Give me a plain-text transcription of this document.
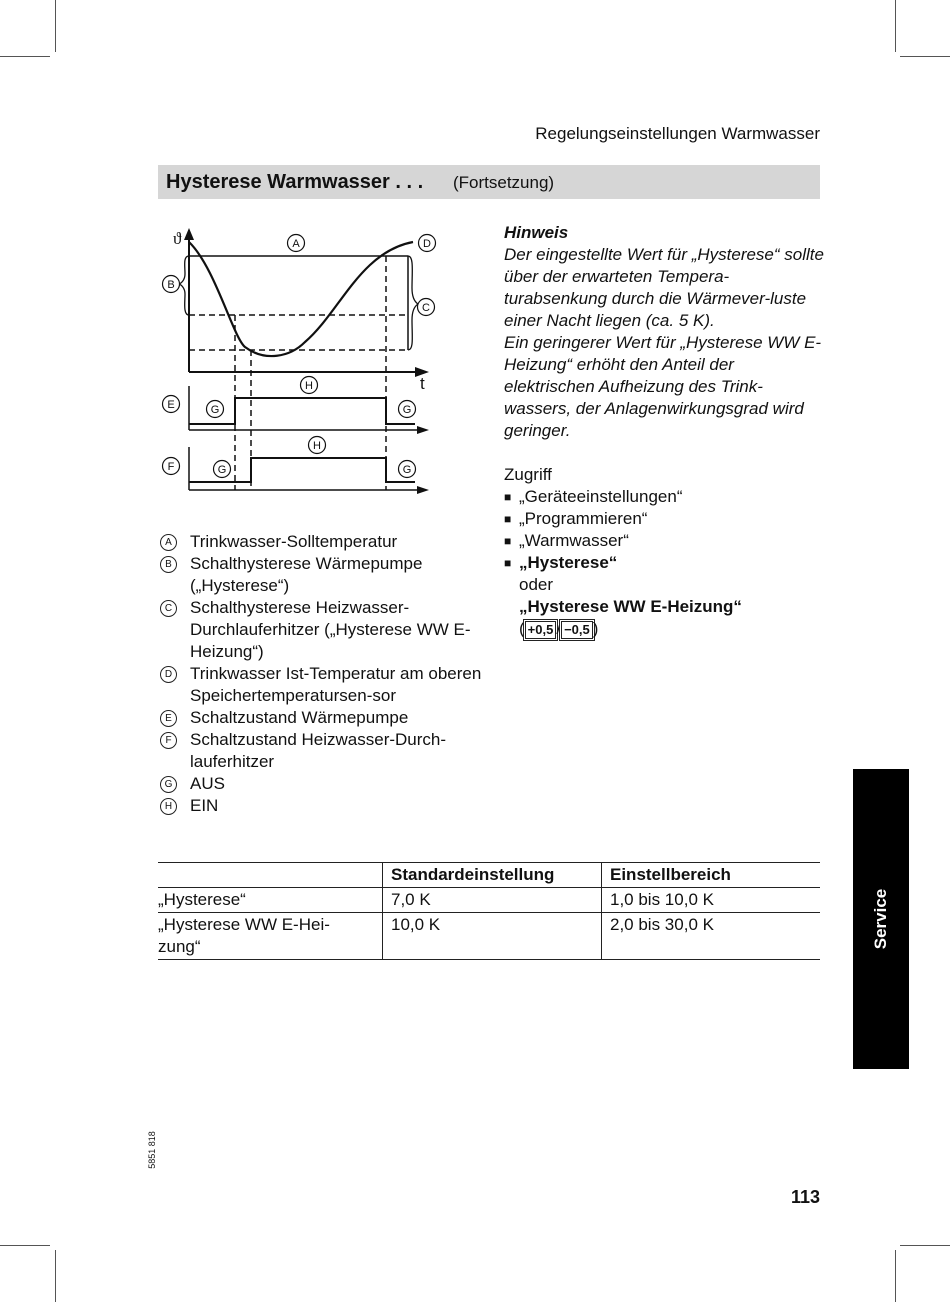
Regelungseinstellungen Warmwasser
Hysterese Warmwasser . . . (Fortsetzung)
ϑ
t
A
B
C
D
E
F
G	G
H
G	G
H
A	Trinkwasser-Solltemperatur
B	Schalthysterese Wärmepumpe („Hysterese“)
C	Schalthysterese Heizwasser-Durchlauferhitzer („Hysterese WW E-Heizung“)
D	Trinkwasser Ist-Temperatur am oberen Speichertemperatursen-sor
E	Schaltzustand Wärmepumpe
F	Schaltzustand Heizwasser-Durch-lauferhitzer
G	AUS
H	EIN
Hinweis
Der eingestellte Wert für „Hysterese“ sollte über der erwarteten Tempera-turabsenkung durch die Wärmever-luste einer Nacht liegen (ca. 5 K).
Ein geringerer Wert für „Hysterese WW E-Heizung“ erhöht den Anteil der elektrischen Aufheizung des Trink-wassers, der Anlagenwirkungsgrad wird geringer.
Zugriff
■ „Geräteeinstellungen“
■ „Programmieren“
■ „Warmwasser“
■ „Hysterese“
oder
„Hysterese WW E-Heizung“
( +0,5 / −0,5 )
	Standardeinstellung	Einstellbereich
„Hysterese“	7,0 K	1,0 bis 10,0 K
„Hysterese WW E-Hei-zung“	10,0 K	2,0 bis 30,0 K	Service
5851 818
113
